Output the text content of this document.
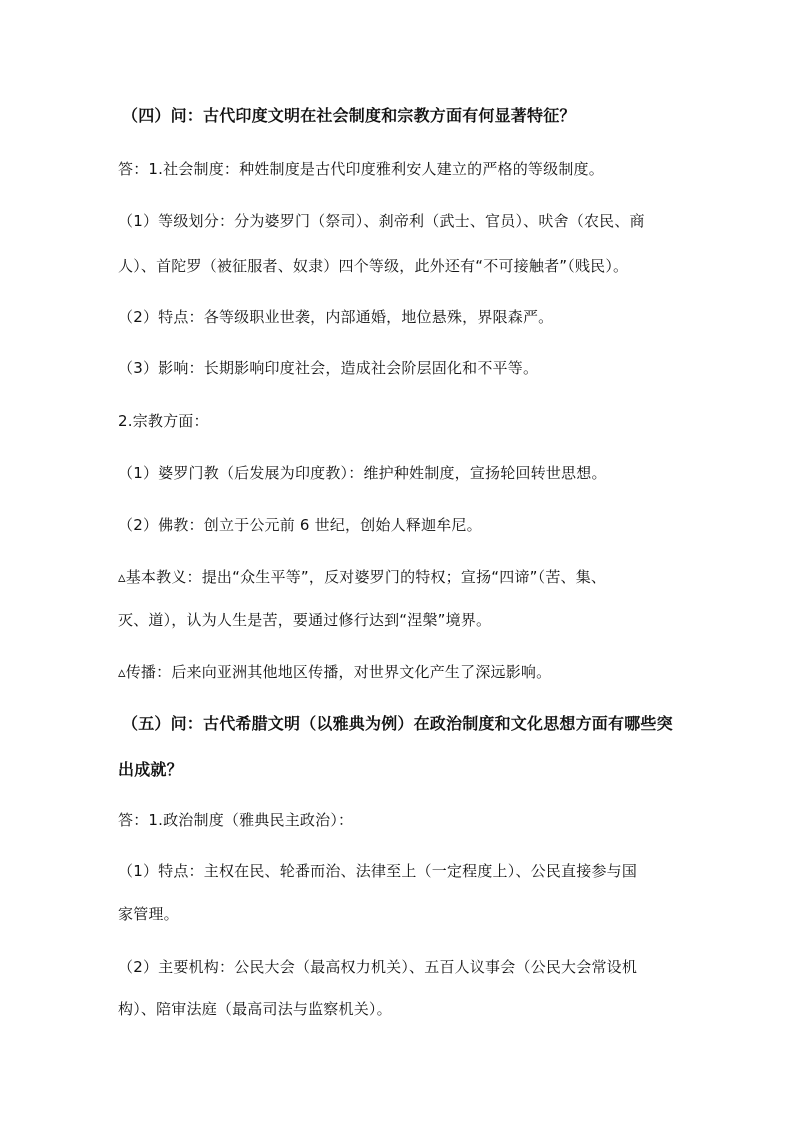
（四）问：古代印度文明在社会制度和宗教方面有何显著特征？
答：1.社会制度：种姓制度是古代印度雅利安人建立的严格的等级制度。
（1）等级划分：分为婆罗门（祭司）、刹帝利（武士、官员）、吠舍（农民、商
人）、首陀罗（被征服者、奴隶）四个等级，此外还有“不可接触者”（贱民）。
（2）特点：各等级职业世袭，内部通婚，地位悬殊，界限森严。
（3）影响：长期影响印度社会，造成社会阶层固化和不平等。
2.宗教方面：
（1）婆罗门教（后发展为印度教）：维护种姓制度，宣扬轮回转世思想。
（2）佛教：创立于公元前 6 世纪，创始人释迦牟尼。
▵基本教义：提出“众生平等”，反对婆罗门的特权；宣扬“四谛”（苦、集、
灭、道），认为人生是苦，要通过修行达到“涅槃”境界。
▵传播：后来向亚洲其他地区传播，对世界文化产生了深远影响。
（五）问：古代希腊文明（以雅典为例）在政治制度和文化思想方面有哪些突
出成就？
答：1.政治制度（雅典民主政治）：
（1）特点：主权在民、轮番而治、法律至上（一定程度上）、公民直接参与国
家管理。
（2）主要机构：公民大会（最高权力机关）、五百人议事会（公民大会常设机
构）、陪审法庭（最高司法与监察机关）。
